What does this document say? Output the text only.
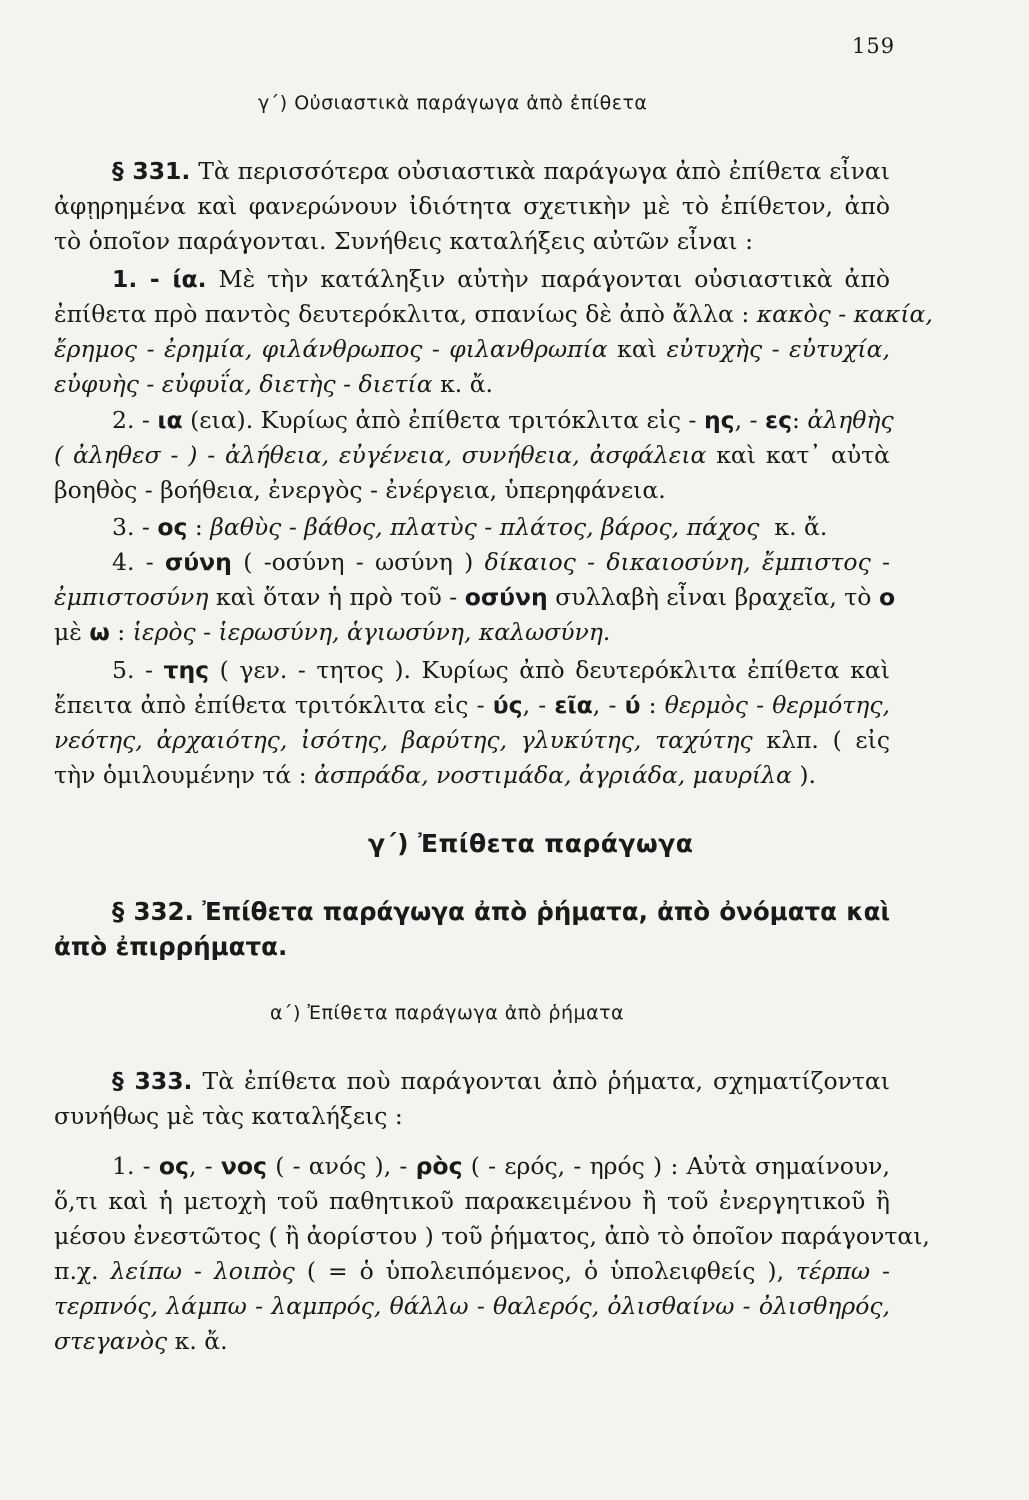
159
γ΄) Οὐσιαστικὰ παράγωγα ἀπὸ ἐπίθετα
§ 331. Τὰ περισσότερα οὐσιαστικὰ παράγωγα ἀπὸ ἐπίθετα εἶναι
ἀφῃρημένα καὶ φανερώνουν ἰδιότητα σχετικὴν μὲ τὸ ἐπίθετον, ἀπὸ
τὸ ὁποῖον παράγονται. Συνήθεις καταλήξεις αὐτῶν εἶναι :
1. - ία. Μὲ τὴν κατάληξιν αὐτὴν παράγονται οὐσιαστικὰ ἀπὸ
ἐπίθετα πρὸ παντὸς δευτερόκλιτα, σπανίως δὲ ἀπὸ ἄλλα : κακὸς - κακία,
ἔρημος - ἐρημία, φιλάνθρωπος - φιλανθρωπία καὶ εὐτυχὴς - εὐτυχία,
εὐφυὴς - εὐφυΐα, διετὴς - διετία κ. ἄ.
2. - ια (εια). Κυρίως ἀπὸ ἐπίθετα τριτόκλιτα εἰς - ης, - ες: ἀληθὴς
( ἀληθεσ - ) - ἀλήθεια, εὐγένεια, συνήθεια, ἀσφάλεια καὶ κατ᾿ αὐτὰ
βοηθὸς - βοήθεια, ἐνεργὸς - ἐνέργεια, ὑπερηφάνεια.
3. - ος : βαθὺς - βάθος, πλατὺς - πλάτος, βάρος, πάχος κ. ἄ.
4. - σύνη ( -οσύνη - ωσύνη ) δίκαιος - δικαιοσύνη, ἔμπιστος -
ἐμπιστοσύνη καὶ ὅταν ἡ πρὸ τοῦ - οσύνη συλλαβὴ εἶναι βραχεῖα, τὸ ο
μὲ ω : ἱερὸς - ἱερωσύνη, ἁγιωσύνη, καλωσύνη.
5. - της ( γεν. - τητος ). Κυρίως ἀπὸ δευτερόκλιτα ἐπίθετα καὶ
ἔπειτα ἀπὸ ἐπίθετα τριτόκλιτα εἰς - ύς, - εῖα, - ύ : θερμὸς - θερμότης,
νεότης, ἀρχαιότης, ἰσότης, βαρύτης, γλυκύτης, ταχύτης κλπ. ( εἰς
τὴν ὁμιλουμένην τά : ἀσπράδα, νοστιμάδα, ἀγριάδα, μαυρίλα ).
γ΄) Ἐπίθετα παράγωγα
§ 332. Ἐπίθετα παράγωγα ἀπὸ ῥήματα, ἀπὸ ὀνόματα καὶ
ἀπὸ ἐπιρρήματα.
α΄) Ἐπίθετα παράγωγα ἀπὸ ῥήματα
§ 333. Τὰ ἐπίθετα ποὺ παράγονται ἀπὸ ῥήματα, σχηματίζονται
συνήθως μὲ τὰς καταλήξεις :
1. - ος, - νος ( - ανός ), - ρὸς ( - ερός, - ηρός ) : Αὐτὰ σημαίνουν,
ὅ,τι καὶ ἡ μετοχὴ τοῦ παθητικοῦ παρακειμένου ἢ τοῦ ἐνεργητικοῦ ἢ
μέσου ἐνεστῶτος ( ἢ ἀορίστου ) τοῦ ῥήματος, ἀπὸ τὸ ὁποῖον παράγονται,
π.χ. λείπω - λοιπὸς ( = ὁ ὑπολειπόμενος, ὁ ὑπολειφθείς ), τέρπω -
τερπνός, λάμπω - λαμπρός, θάλλω - θαλερός, ὀλισθαίνω - ὀλισθηρός,
στεγανὸς κ. ἄ.
